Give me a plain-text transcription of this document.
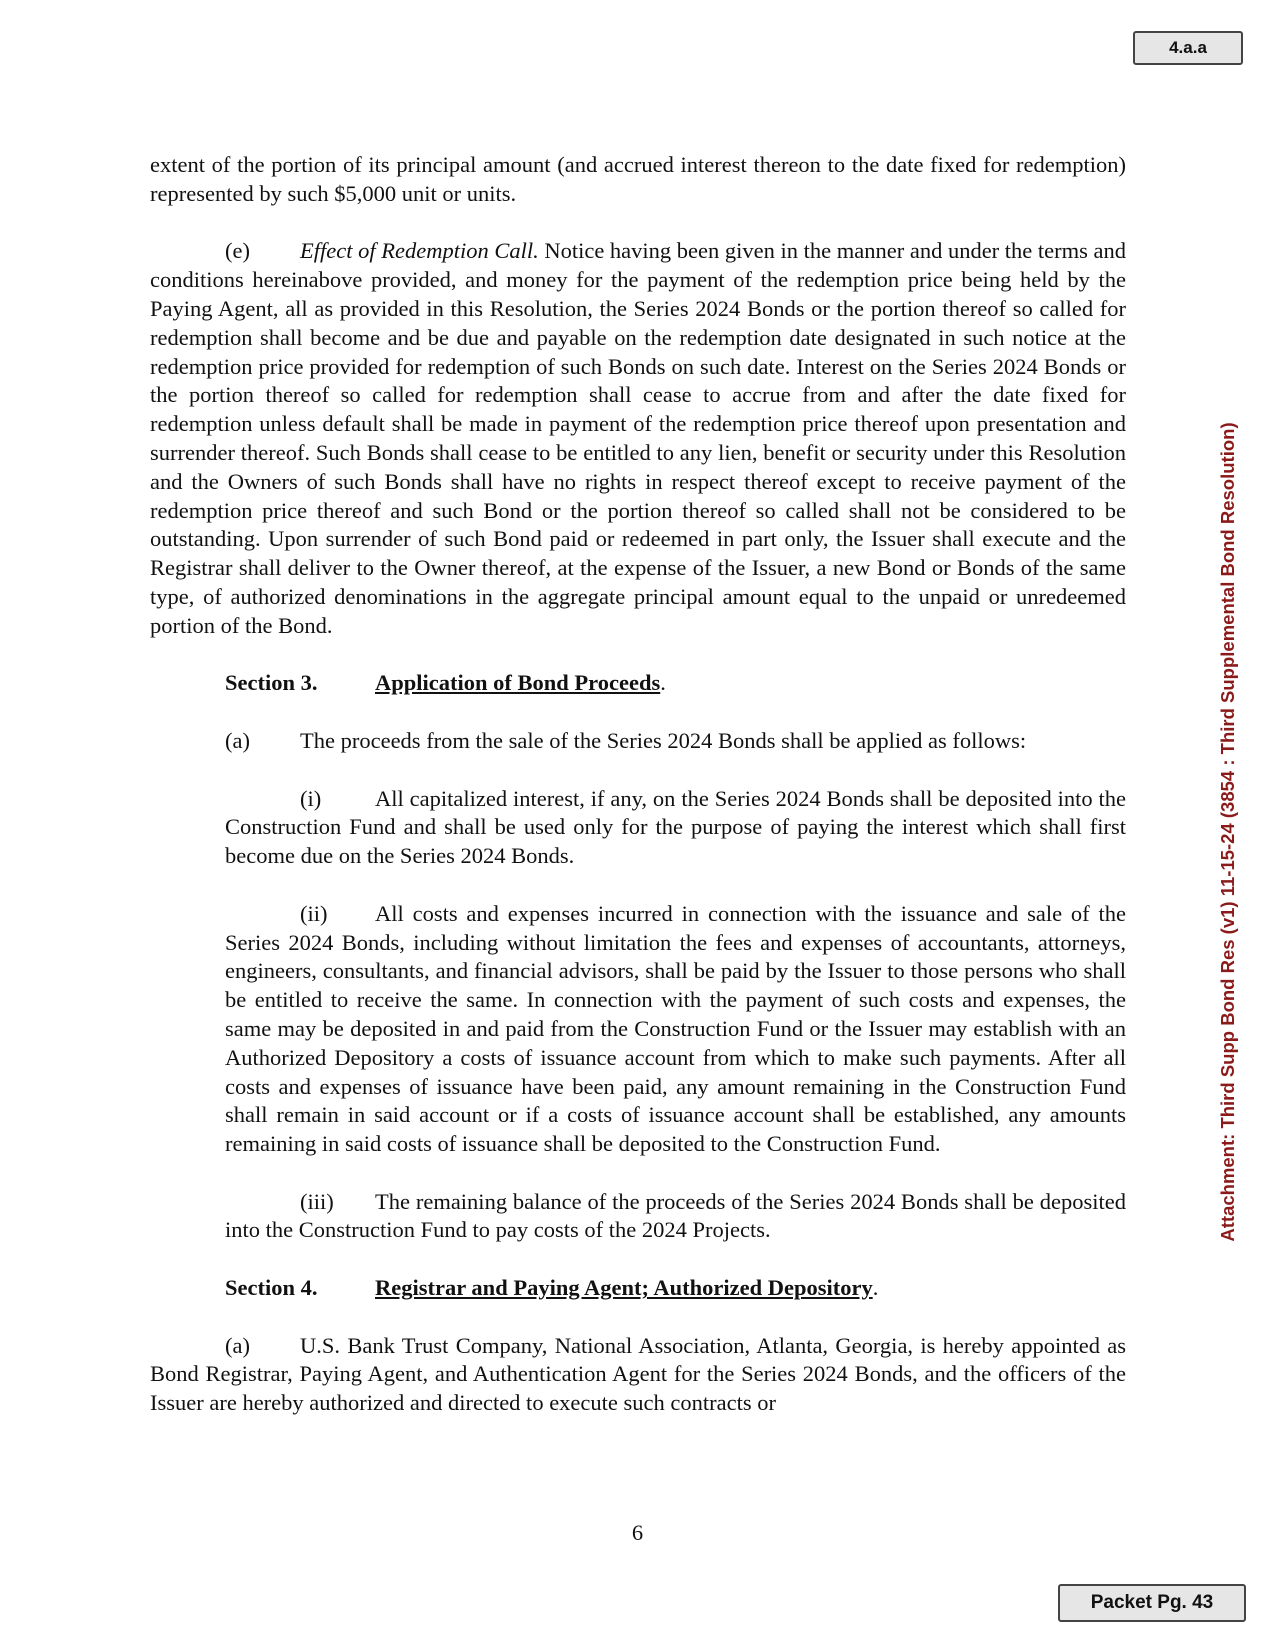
4.a.a
Attachment: Third Supp Bond Res (v1) 11-15-24 (3854 : Third Supplemental Bond Resolution)

extent of the portion of its principal amount (and accrued interest thereon to the date fixed for redemption) represented by such $5,000 unit or units.

(e) Effect of Redemption Call. Notice having been given in the manner and under the terms and conditions hereinabove provided, and money for the payment of the redemption price being held by the Paying Agent, all as provided in this Resolution, the Series 2024 Bonds or the portion thereof so called for redemption shall become and be due and payable on the redemption date designated in such notice at the redemption price provided for redemption of such Bonds on such date. Interest on the Series 2024 Bonds or the portion thereof so called for redemption shall cease to accrue from and after the date fixed for redemption unless default shall be made in payment of the redemption price thereof upon presentation and surrender thereof. Such Bonds shall cease to be entitled to any lien, benefit or security under this Resolution and the Owners of such Bonds shall have no rights in respect thereof except to receive payment of the redemption price thereof and such Bond or the portion thereof so called shall not be considered to be outstanding. Upon surrender of such Bond paid or redeemed in part only, the Issuer shall execute and the Registrar shall deliver to the Owner thereof, at the expense of the Issuer, a new Bond or Bonds of the same type, of authorized denominations in the aggregate principal amount equal to the unpaid or unredeemed portion of the Bond.

Section 3.	Application of Bond Proceeds.

(a) The proceeds from the sale of the Series 2024 Bonds shall be applied as follows:

(i) All capitalized interest, if any, on the Series 2024 Bonds shall be deposited into the Construction Fund and shall be used only for the purpose of paying the interest which shall first become due on the Series 2024 Bonds.

(ii) All costs and expenses incurred in connection with the issuance and sale of the Series 2024 Bonds, including without limitation the fees and expenses of accountants, attorneys, engineers, consultants, and financial advisors, shall be paid by the Issuer to those persons who shall be entitled to receive the same. In connection with the payment of such costs and expenses, the same may be deposited in and paid from the Construction Fund or the Issuer may establish with an Authorized Depository a costs of issuance account from which to make such payments. After all costs and expenses of issuance have been paid, any amount remaining in the Construction Fund shall remain in said account or if a costs of issuance account shall be established, any amounts remaining in said costs of issuance shall be deposited to the Construction Fund.

(iii) The remaining balance of the proceeds of the Series 2024 Bonds shall be deposited into the Construction Fund to pay costs of the 2024 Projects.

Section 4.	Registrar and Paying Agent; Authorized Depository.

(a) U.S. Bank Trust Company, National Association, Atlanta, Georgia, is hereby appointed as Bond Registrar, Paying Agent, and Authentication Agent for the Series 2024 Bonds, and the officers of the Issuer are hereby authorized and directed to execute such contracts or

6
Packet Pg. 43
